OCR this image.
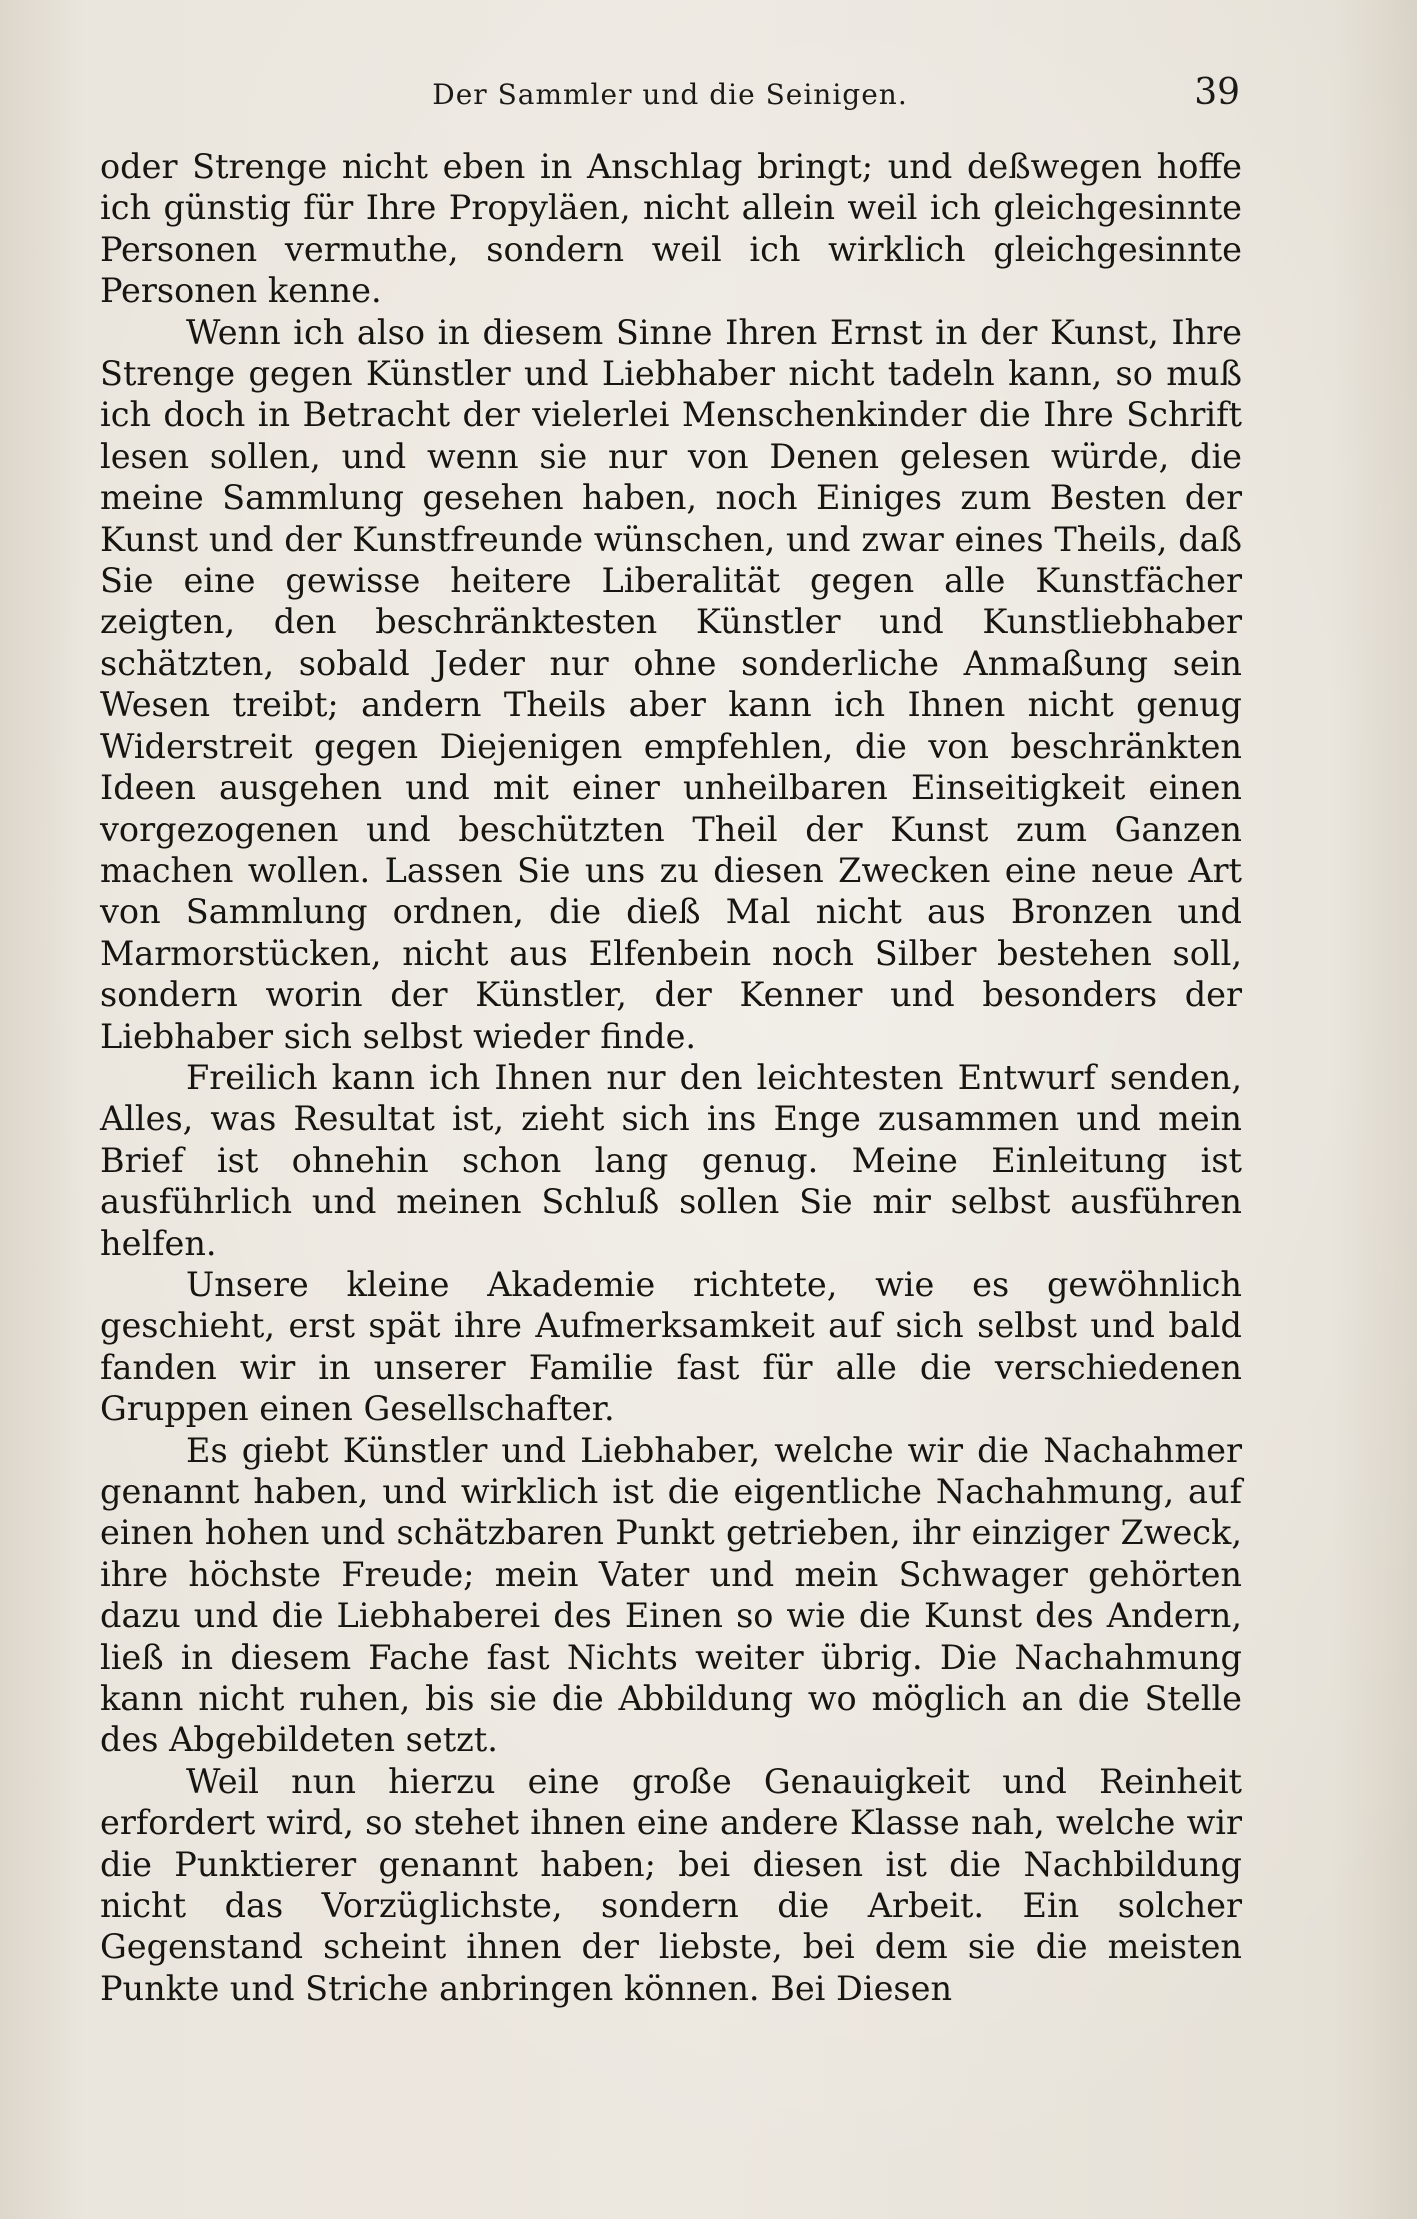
Der Sammler und die Seinigen.	39

oder Strenge nicht eben in Anschlag bringt; und deßwegen hoffe ich günstig für Ihre Propyläen, nicht allein weil ich gleichgesinnte Personen vermuthe, sondern weil ich wirklich gleichgesinnte Personen kenne.

Wenn ich also in diesem Sinne Ihren Ernst in der Kunst, Ihre Strenge gegen Künstler und Liebhaber nicht tadeln kann, so muß ich doch in Betracht der vielerlei Menschenkinder die Ihre Schrift lesen sollen, und wenn sie nur von Denen gelesen würde, die meine Sammlung gesehen haben, noch Einiges zum Besten der Kunst und der Kunstfreunde wünschen, und zwar eines Theils, daß Sie eine gewisse heitere Liberalität gegen alle Kunstfächer zeigten, den beschränktesten Künstler und Kunstliebhaber schätzten, sobald Jeder nur ohne sonderliche Anmaßung sein Wesen treibt; andern Theils aber kann ich Ihnen nicht genug Widerstreit gegen Diejenigen empfehlen, die von beschränkten Ideen ausgehen und mit einer unheilbaren Einseitigkeit einen vorgezogenen und beschützten Theil der Kunst zum Ganzen machen wollen. Lassen Sie uns zu diesen Zwecken eine neue Art von Sammlung ordnen, die dieß Mal nicht aus Bronzen und Marmorstücken, nicht aus Elfenbein noch Silber bestehen soll, sondern worin der Künstler, der Kenner und besonders der Liebhaber sich selbst wieder finde.

Freilich kann ich Ihnen nur den leichtesten Entwurf senden, Alles, was Resultat ist, zieht sich ins Enge zusammen und mein Brief ist ohnehin schon lang genug. Meine Einleitung ist ausführlich und meinen Schluß sollen Sie mir selbst ausführen helfen.

Unsere kleine Akademie richtete, wie es gewöhnlich geschieht, erst spät ihre Aufmerksamkeit auf sich selbst und bald fanden wir in unserer Familie fast für alle die verschiedenen Gruppen einen Gesellschafter.

Es giebt Künstler und Liebhaber, welche wir die Nachahmer genannt haben, und wirklich ist die eigentliche Nachahmung, auf einen hohen und schätzbaren Punkt getrieben, ihr einziger Zweck, ihre höchste Freude; mein Vater und mein Schwager gehörten dazu und die Liebhaberei des Einen so wie die Kunst des Andern, ließ in diesem Fache fast Nichts weiter übrig. Die Nachahmung kann nicht ruhen, bis sie die Abbildung wo möglich an die Stelle des Abgebildeten setzt.

Weil nun hierzu eine große Genauigkeit und Reinheit erfordert wird, so stehet ihnen eine andere Klasse nah, welche wir die Punktierer genannt haben; bei diesen ist die Nachbildung nicht das Vorzüglichste, sondern die Arbeit. Ein solcher Gegenstand scheint ihnen der liebste, bei dem sie die meisten Punkte und Striche anbringen können. Bei Diesen
